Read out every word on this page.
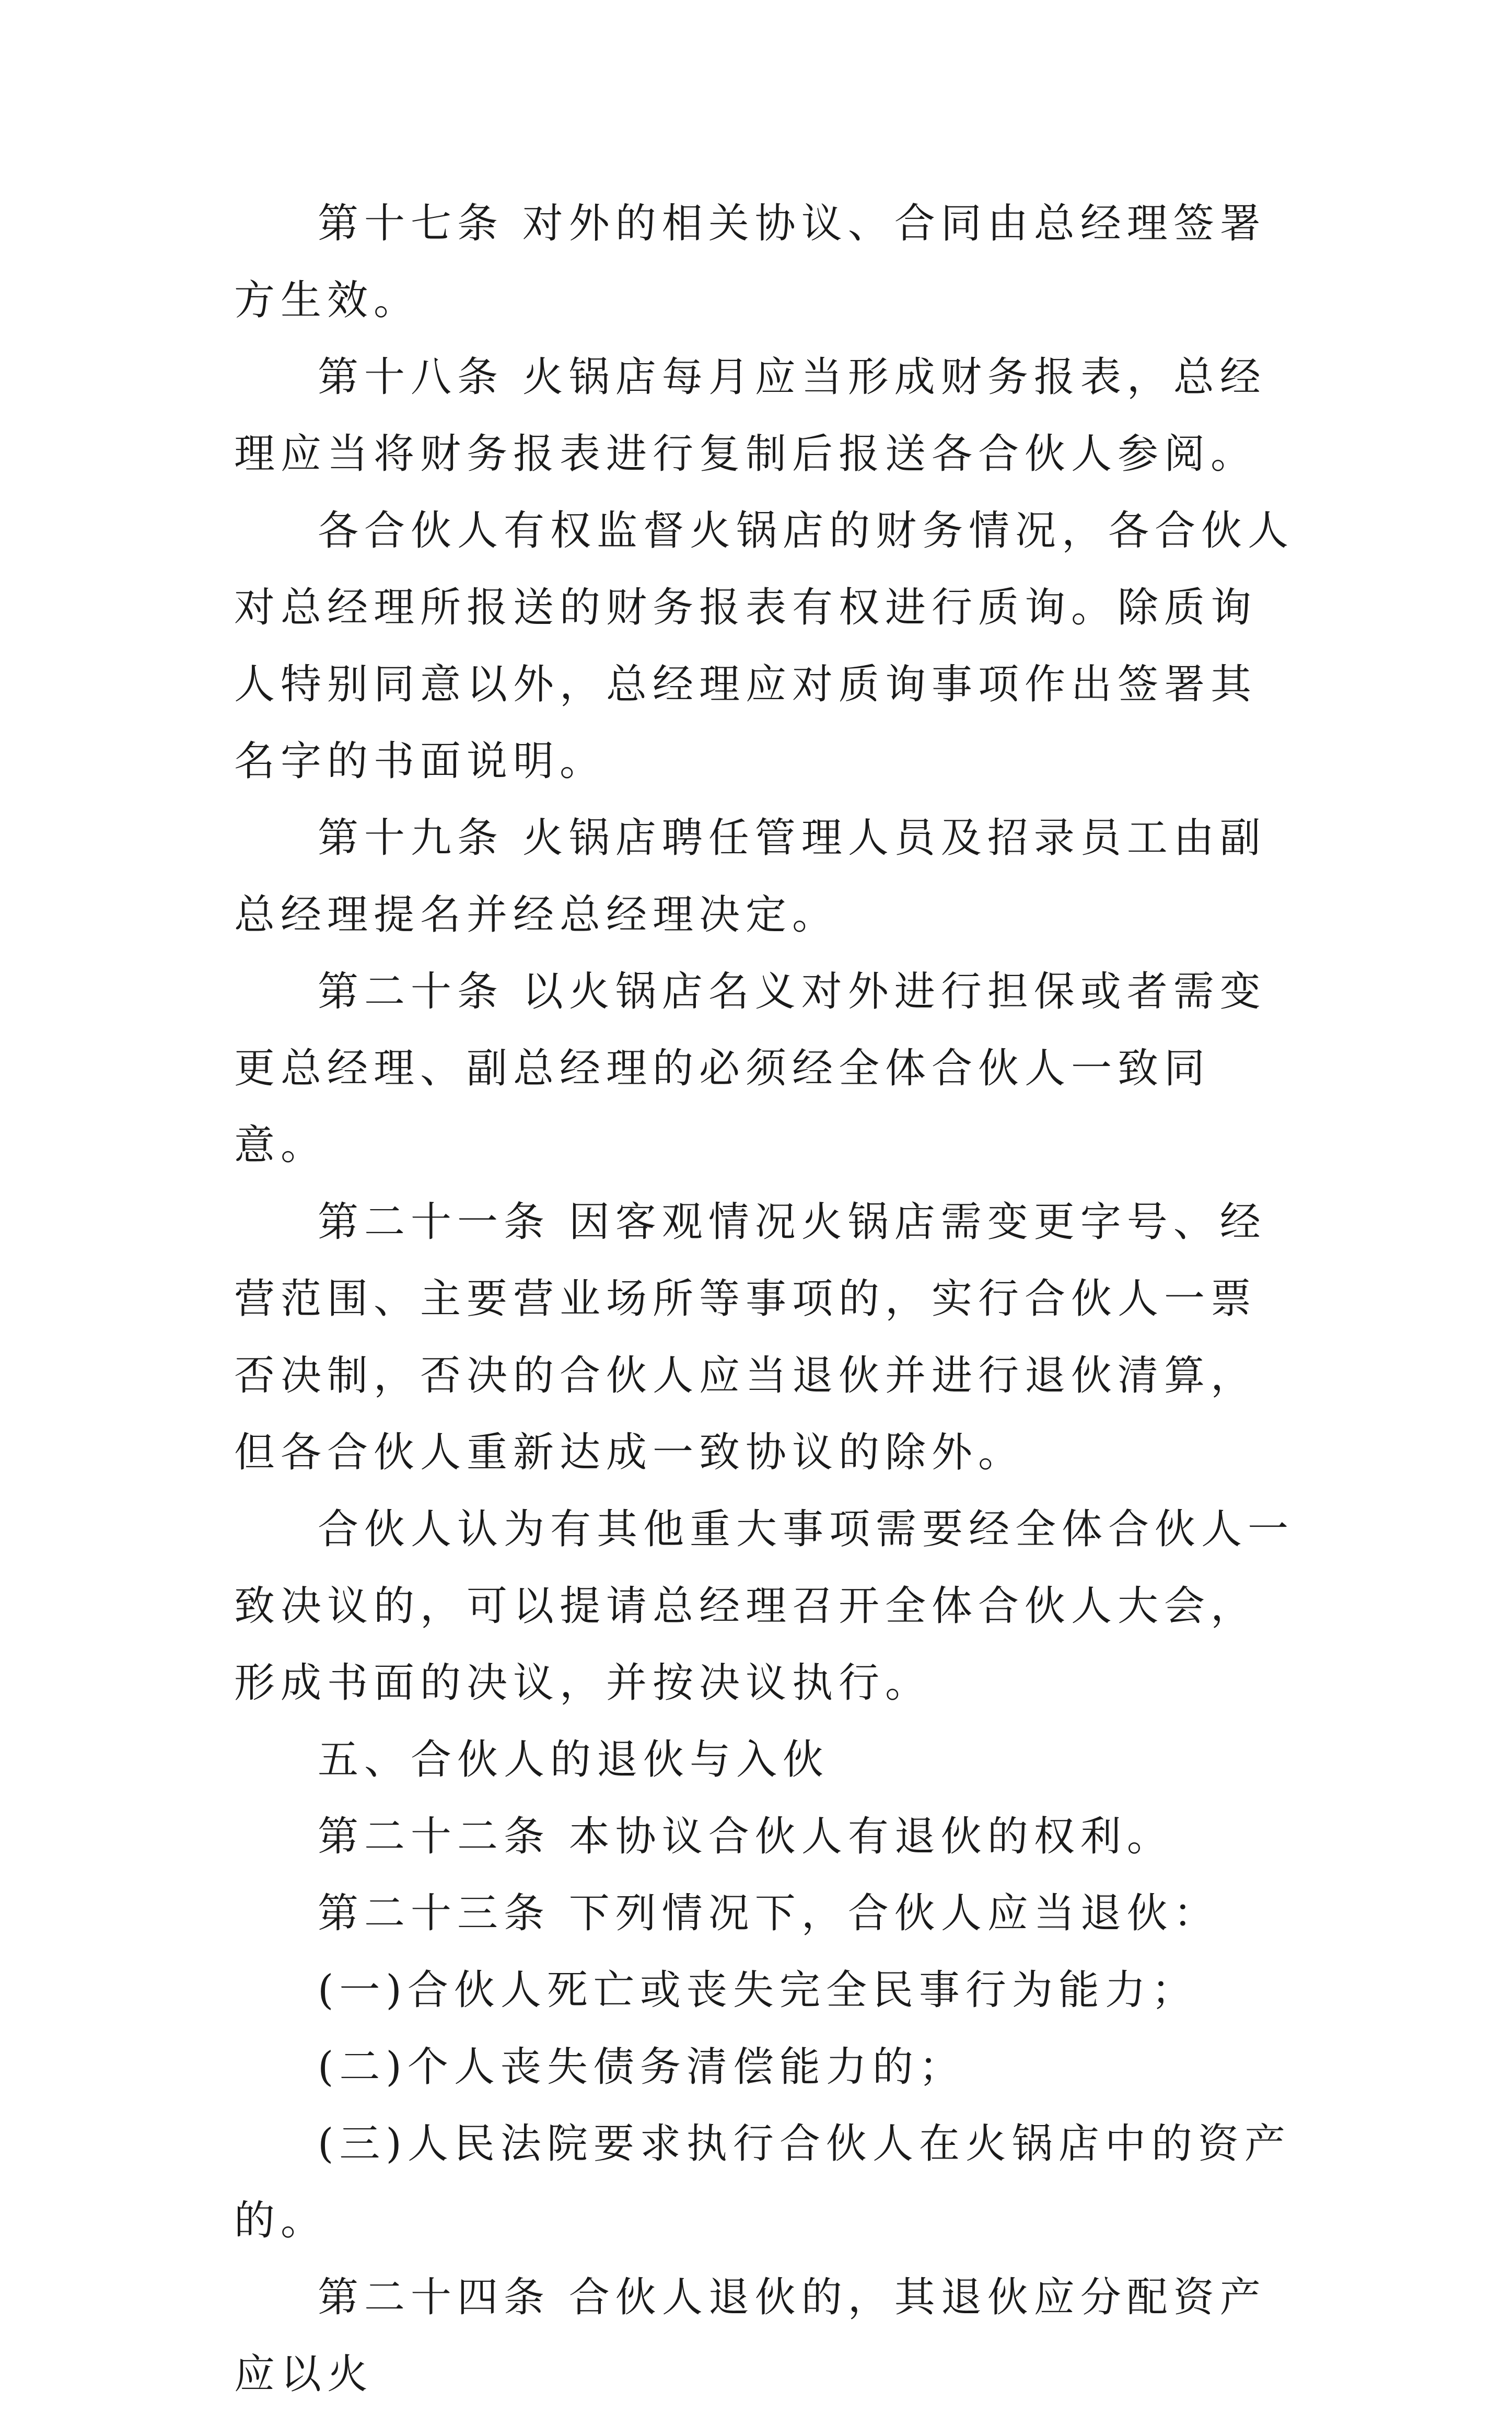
第十七条 对外的相关协议、合同由总经理签署方生效。

第十八条 火锅店每月应当形成财务报表，总经理应当将财务报表进行复制后报送各合伙人参阅。

各合伙人有权监督火锅店的财务情况，各合伙人对总经理所报送的财务报表有权进行质询。除质询人特别同意以外，总经理应对质询事项作出签署其名字的书面说明。

第十九条 火锅店聘任管理人员及招录员工由副总经理提名并经总经理决定。

第二十条 以火锅店名义对外进行担保或者需变更总经理、副总经理的必须经全体合伙人一致同意。

第二十一条 因客观情况火锅店需变更字号、经营范围、主要营业场所等事项的，实行合伙人一票否决制，否决的合伙人应当退伙并进行退伙清算，但各合伙人重新达成一致协议的除外。

合伙人认为有其他重大事项需要经全体合伙人一致决议的，可以提请总经理召开全体合伙人大会，形成书面的决议，并按决议执行。

五、合伙人的退伙与入伙

第二十二条 本协议合伙人有退伙的权利。

第二十三条 下列情况下，合伙人应当退伙：

(一)合伙人死亡或丧失完全民事行为能力；

(二)个人丧失债务清偿能力的；

(三)人民法院要求执行合伙人在火锅店中的资产的。

第二十四条 合伙人退伙的，其退伙应分配资产应以火
